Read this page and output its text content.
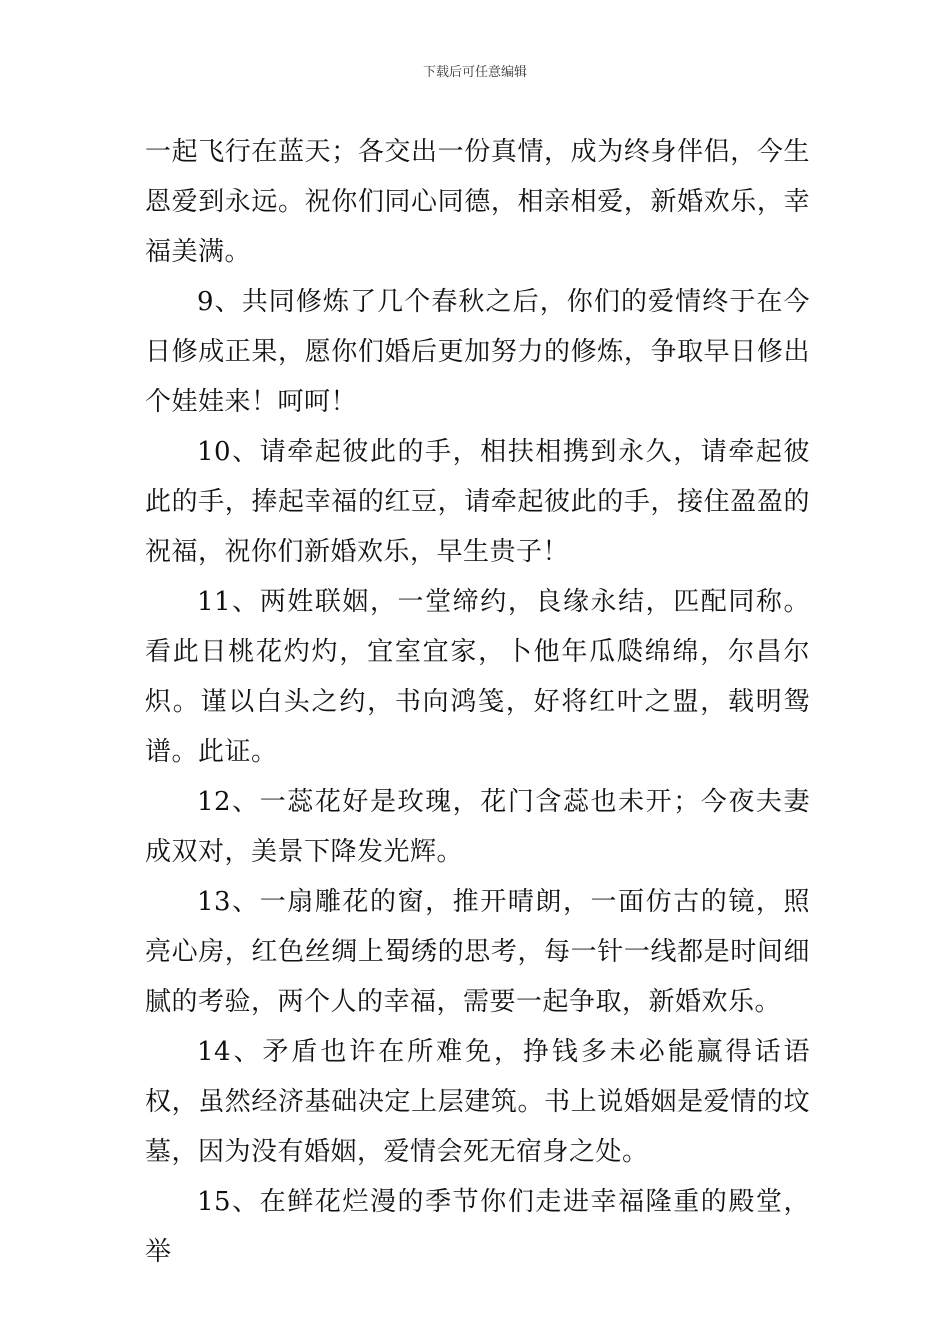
下载后可任意编辑

一起飞行在蓝天；各交出一份真情，成为终身伴侣，今生恩爱到永远。祝你们同心同德，相亲相爱，新婚欢乐，幸福美满。

9、共同修炼了几个春秋之后，你们的爱情终于在今日修成正果，愿你们婚后更加努力的修炼，争取早日修出个娃娃来！呵呵！

10、请牵起彼此的手，相扶相携到永久，请牵起彼此的手，捧起幸福的红豆，请牵起彼此的手，接住盈盈的祝福，祝你们新婚欢乐，早生贵子！

11、两姓联姻，一堂缔约，良缘永结，匹配同称。看此日桃花灼灼，宜室宜家，卜他年瓜瓞绵绵，尔昌尔炽。谨以白头之约，书向鸿笺，好将红叶之盟，载明鸳谱。此证。

12、一蕊花好是玫瑰，花门含蕊也未开；今夜夫妻成双对，美景下降发光辉。

13、一扇雕花的窗，推开晴朗，一面仿古的镜，照亮心房，红色丝绸上蜀绣的思考，每一针一线都是时间细腻的考验，两个人的幸福，需要一起争取，新婚欢乐。

14、矛盾也许在所难免，挣钱多未必能赢得话语权，虽然经济基础决定上层建筑。书上说婚姻是爱情的坟墓，因为没有婚姻，爱情会死无宿身之处。

15、在鲜花烂漫的季节你们走进幸福隆重的殿堂，举
